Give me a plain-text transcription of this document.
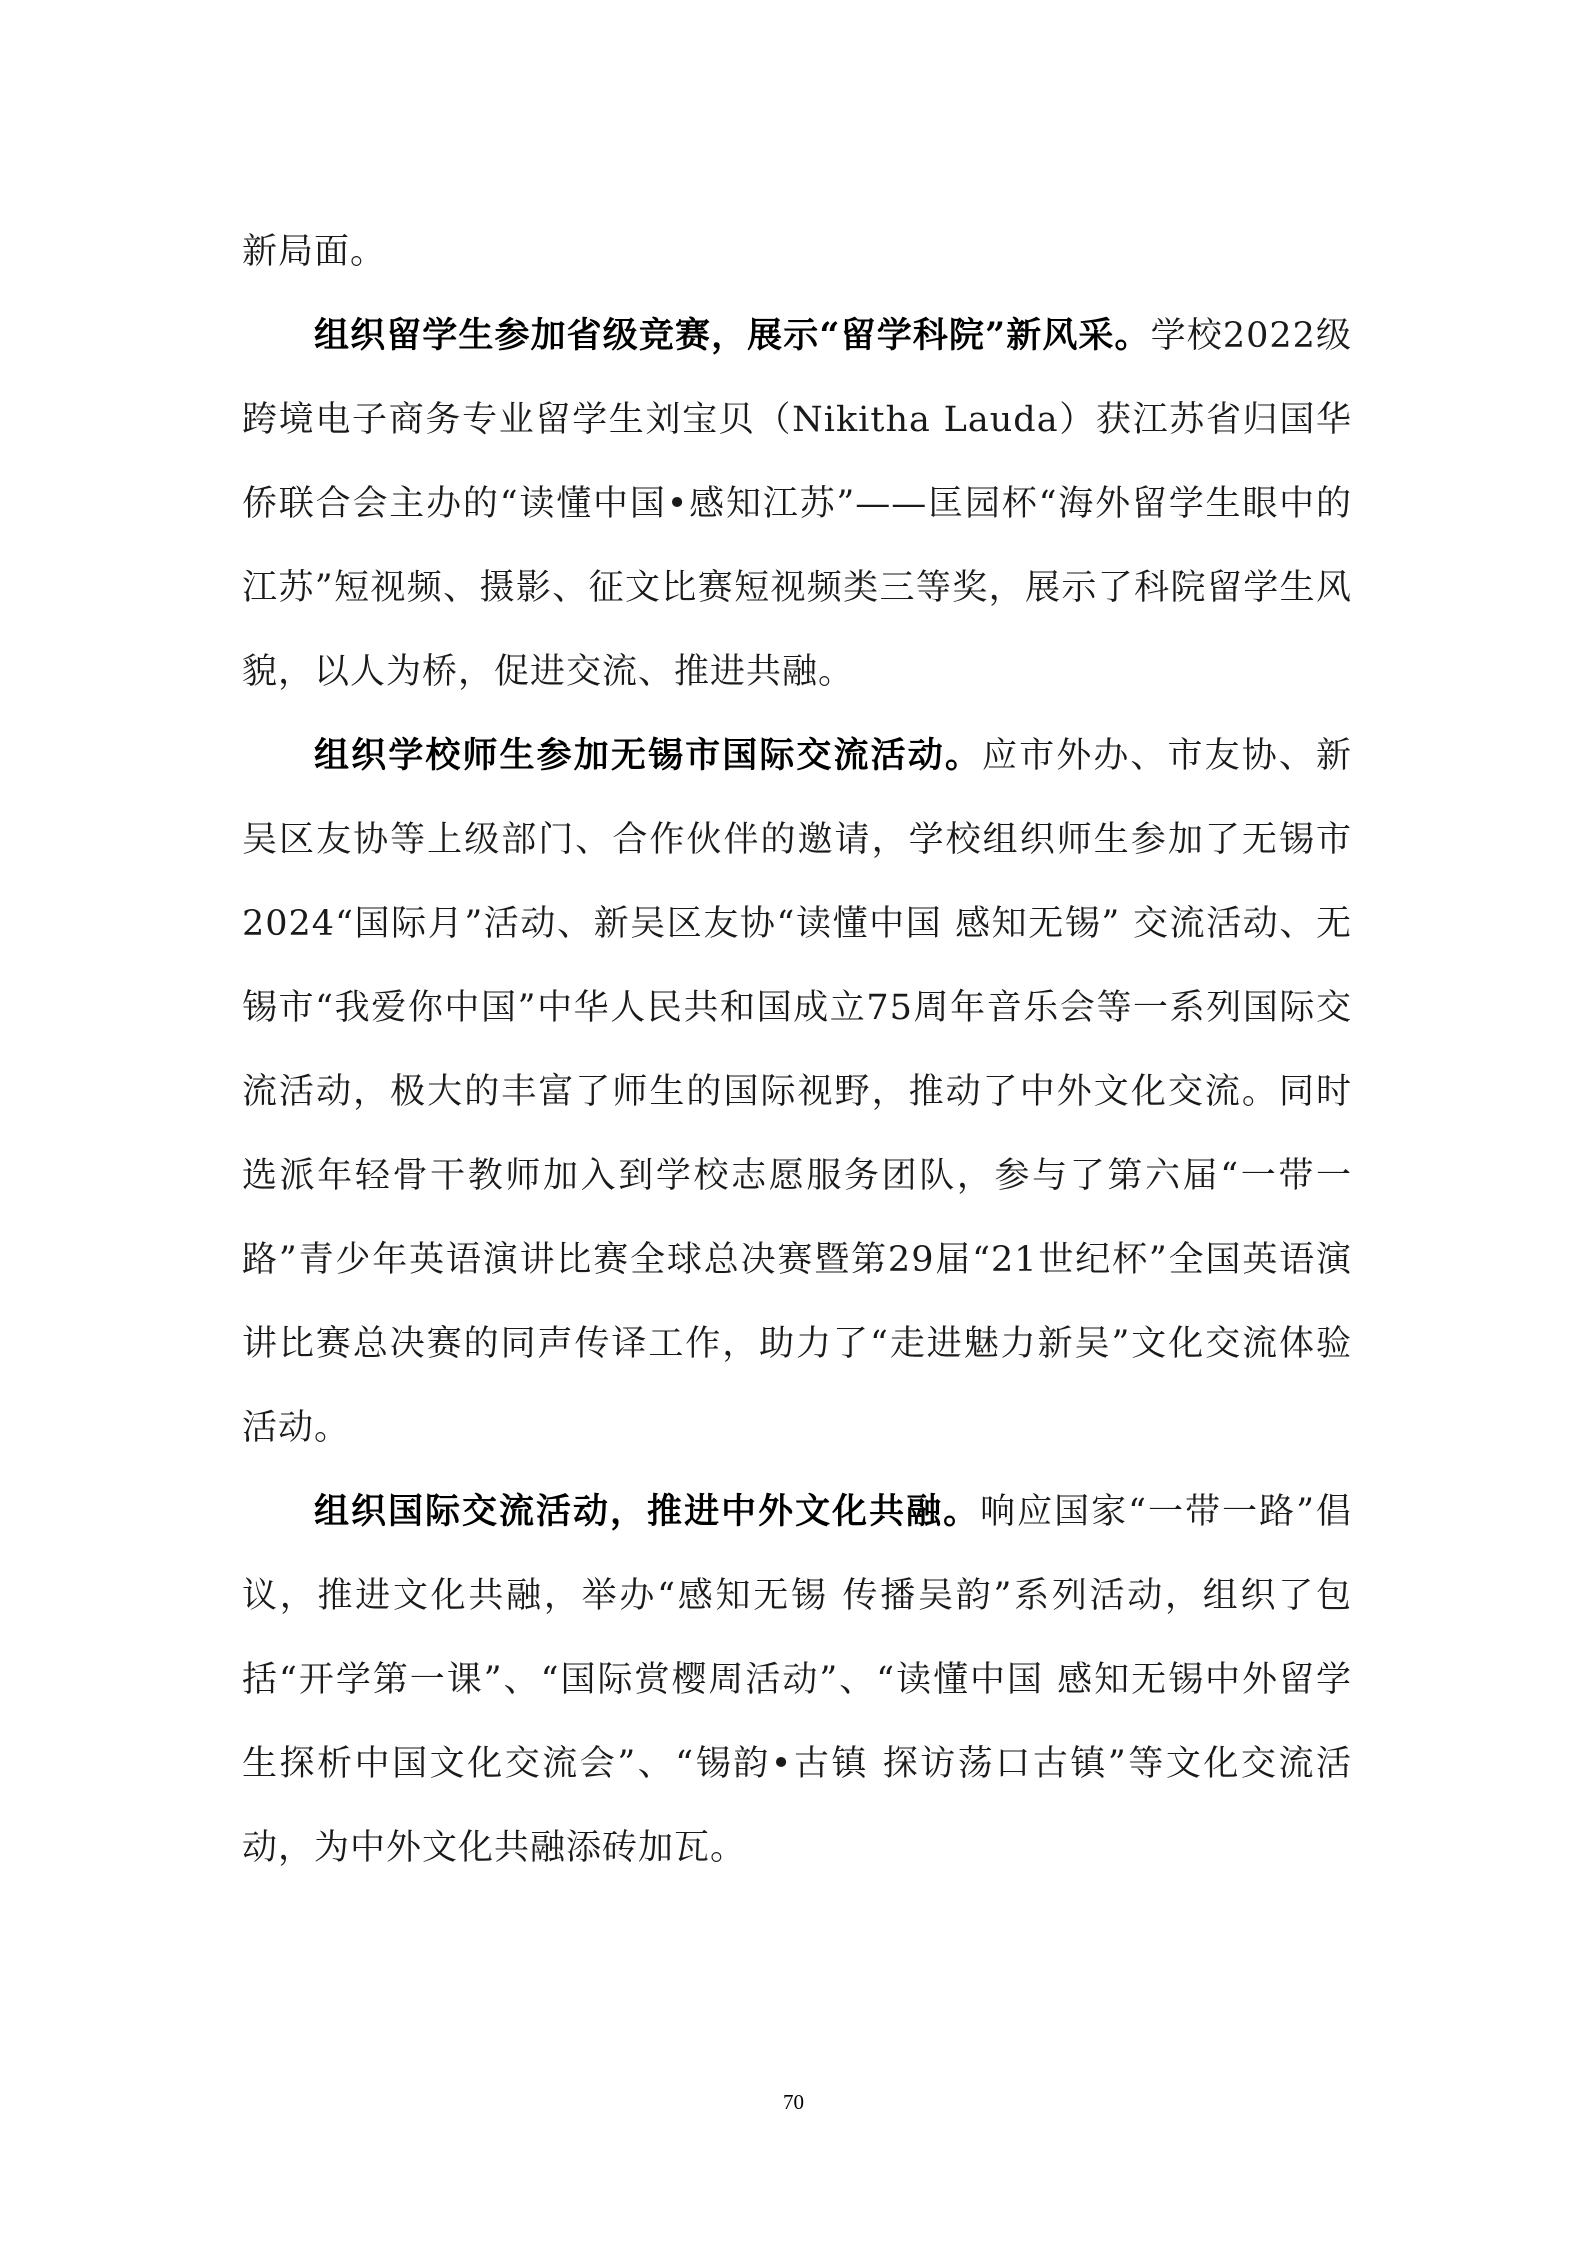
新局面。

组织留学生参加省级竞赛，展示“留学科院”新风采。学校2022级跨境电子商务专业留学生刘宝贝（Nikitha Lauda）获江苏省归国华侨联合会主办的“读懂中国•感知江苏”——匡园杯“海外留学生眼中的江苏”短视频、摄影、征文比赛短视频类三等奖，展示了科院留学生风貌，以人为桥，促进交流、推进共融。

组织学校师生参加无锡市国际交流活动。应市外办、市友协、新吴区友协等上级部门、合作伙伴的邀请，学校组织师生参加了无锡市2024“国际月”活动、新吴区友协“读懂中国 感知无锡” 交流活动、无锡市“我爱你中国”中华人民共和国成立75周年音乐会等一系列国际交流活动，极大的丰富了师生的国际视野，推动了中外文化交流。同时选派年轻骨干教师加入到学校志愿服务团队，参与了第六届“一带一路”青少年英语演讲比赛全球总决赛暨第29届“21世纪杯”全国英语演讲比赛总决赛的同声传译工作，助力了“走进魅力新吴”文化交流体验活动。

组织国际交流活动，推进中外文化共融。响应国家“一带一路”倡议，推进文化共融，举办“感知无锡 传播吴韵”系列活动，组织了包括“开学第一课”、“国际赏樱周活动”、“读懂中国 感知无锡中外留学生探析中国文化交流会”、“锡韵•古镇 探访荡口古镇”等文化交流活动，为中外文化共融添砖加瓦。

70
